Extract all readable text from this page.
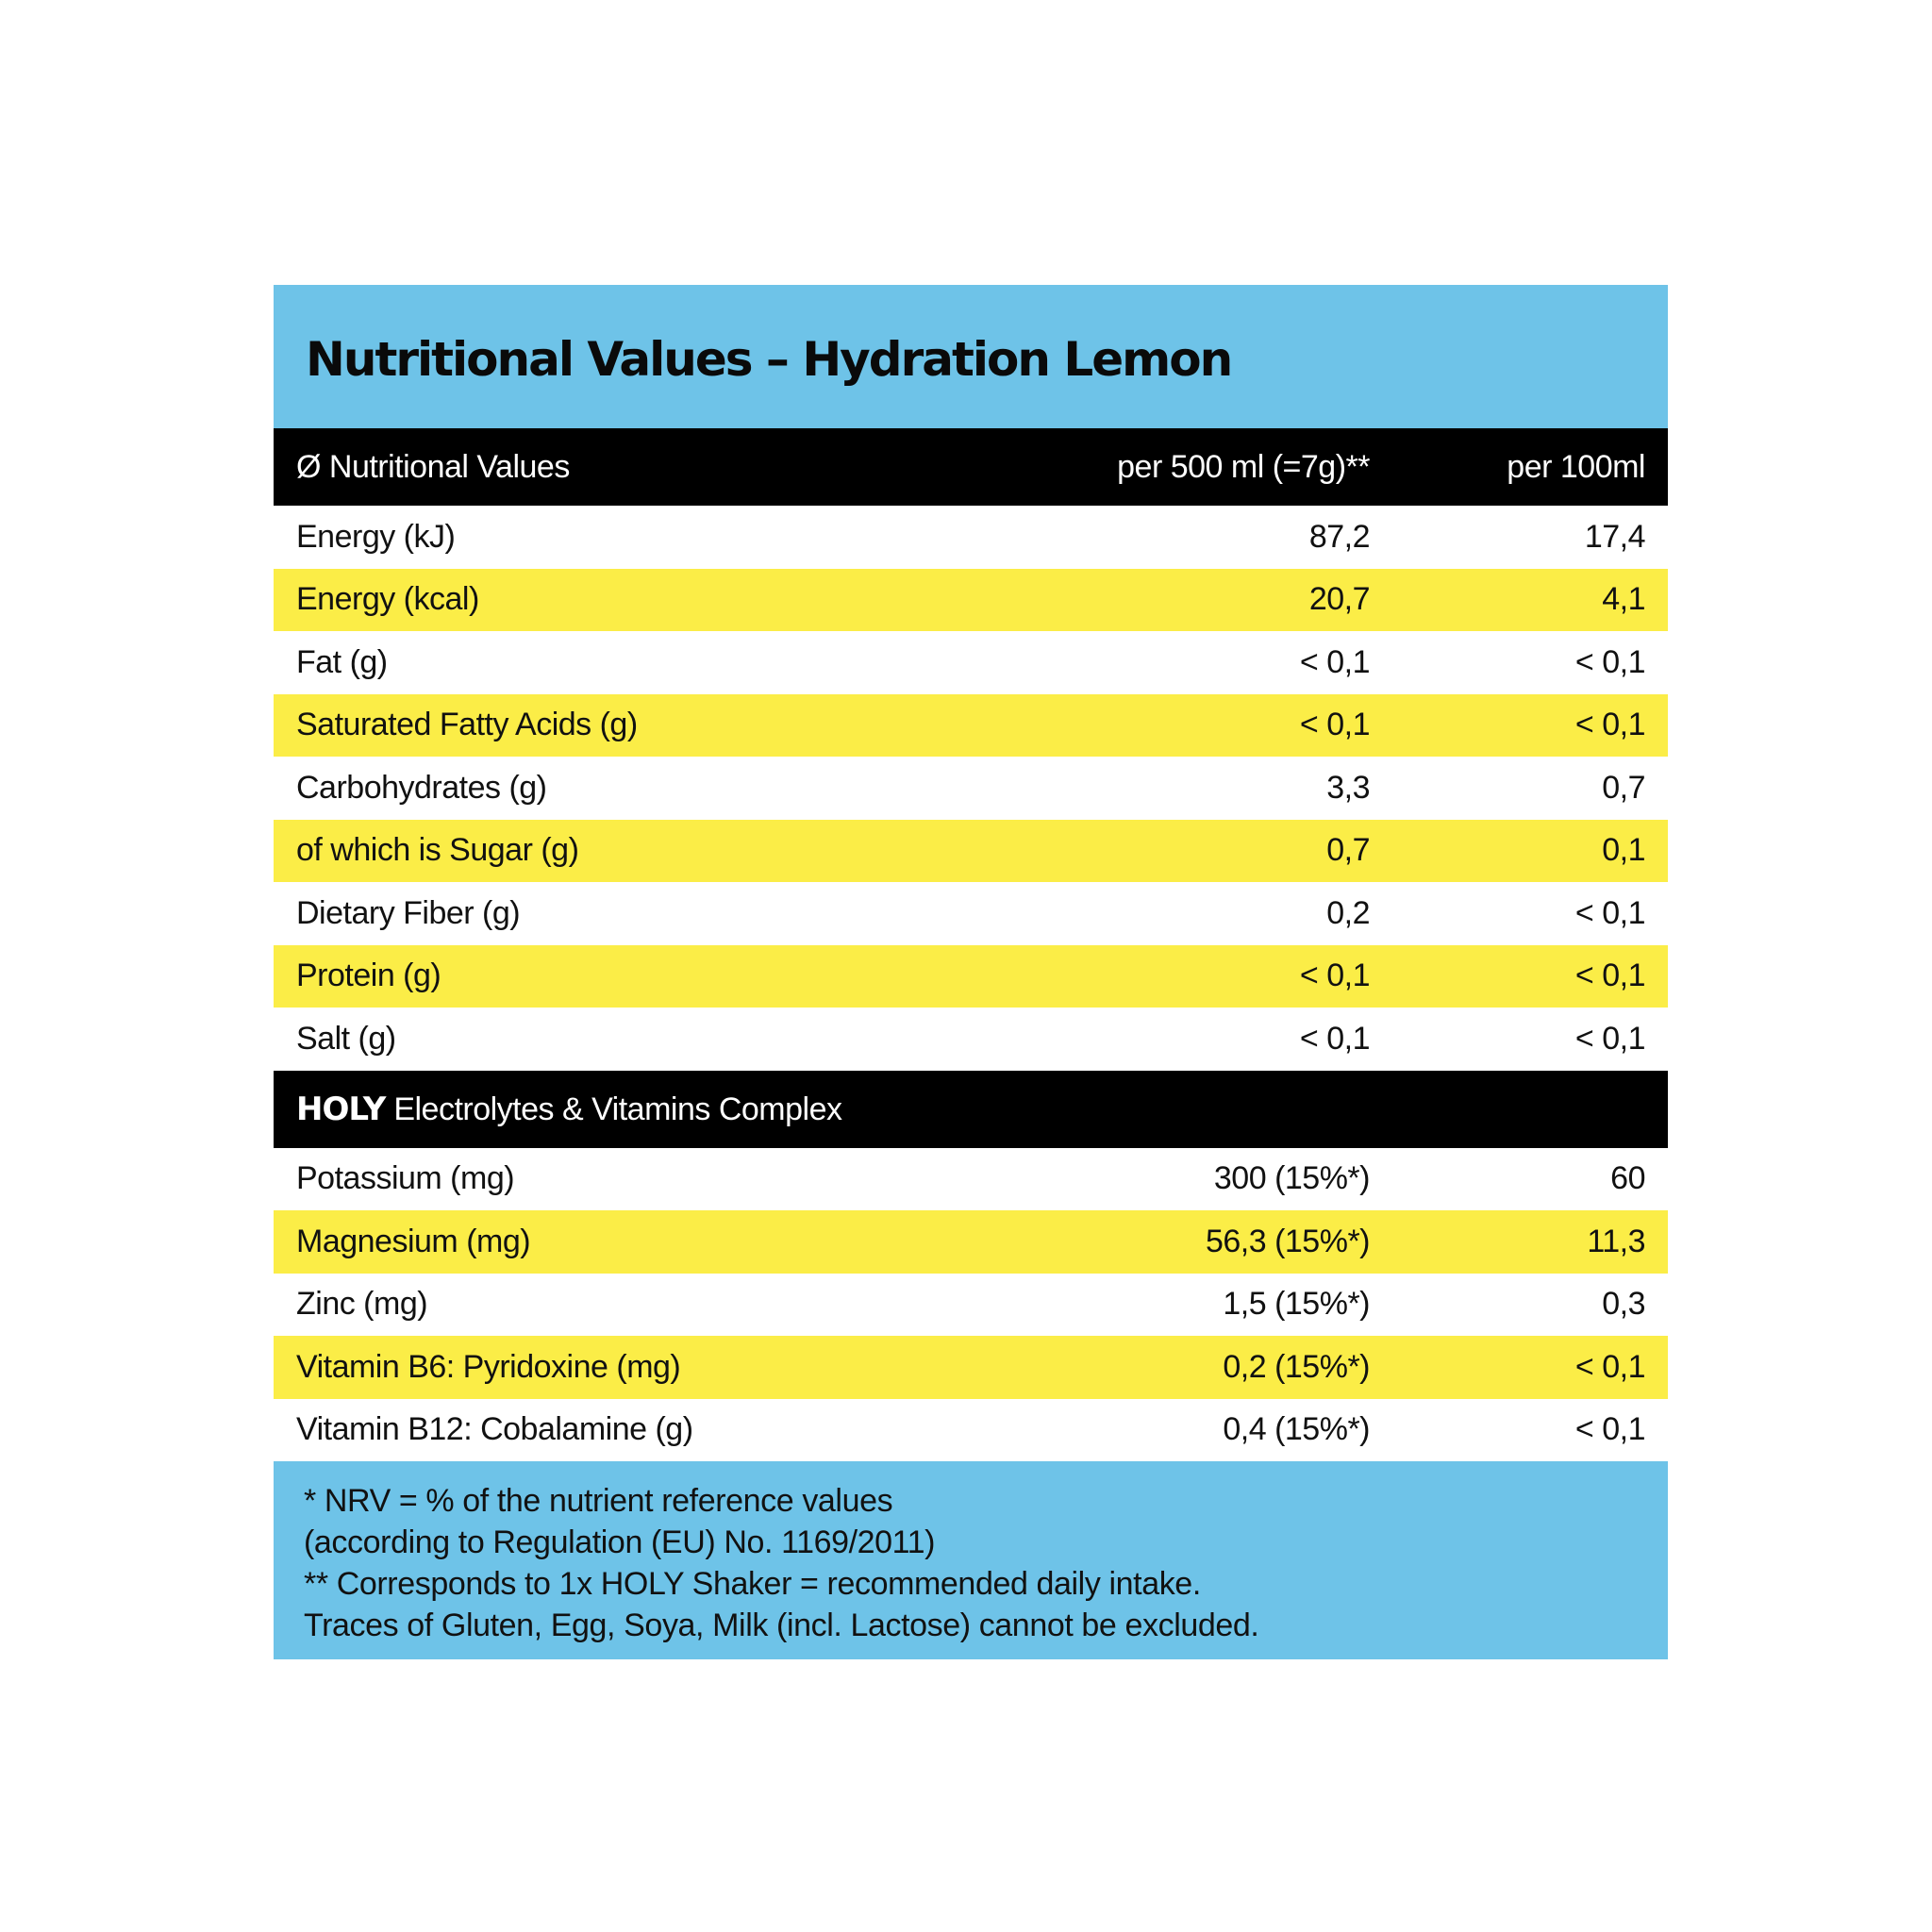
Nutritional Values – Hydration Lemon
Ø Nutritional Values	per 500 ml (=7g)**	per 100ml
Energy (kJ)	87,2	17,4
Energy (kcal)	20,7	4,1
Fat (g)	< 0,1	< 0,1
Saturated Fatty Acids (g)	< 0,1	< 0,1
Carbohydrates (g)	3,3	0,7
of which is Sugar (g)	0,7	0,1
Dietary Fiber (g)	0,2	< 0,1
Protein (g)	< 0,1	< 0,1
Salt (g)	< 0,1	< 0,1
HOLY Electrolytes & Vitamins Complex
Potassium (mg)	300 (15%*)	60
Magnesium (mg)	56,3 (15%*)	11,3
Zinc (mg)	1,5 (15%*)	0,3
Vitamin B6: Pyridoxine (mg)	0,2 (15%*)	< 0,1
Vitamin B12: Cobalamine (g)	0,4 (15%*)	< 0,1
* NRV = % of the nutrient reference values
(according to Regulation (EU) No. 1169/2011)
** Corresponds to 1x HOLY Shaker = recommended daily intake.
Traces of Gluten, Egg, Soya, Milk (incl. Lactose) cannot be excluded.
